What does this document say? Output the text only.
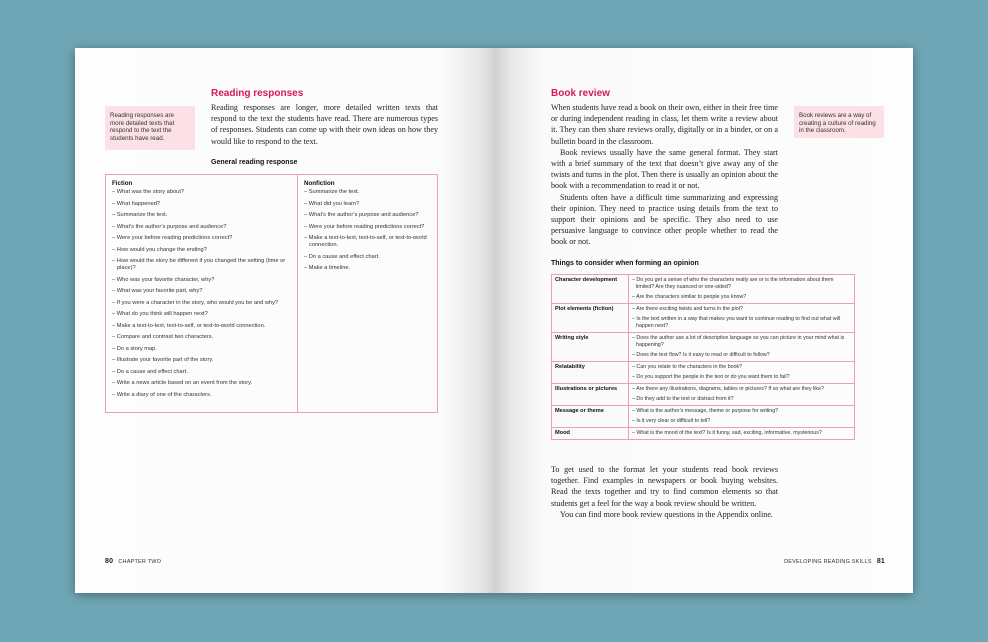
Reading responses are more detailed texts that respond to the text the students have read.
Reading responses
Reading responses are longer, more detailed written texts that respond to the text the students have read. There are numerous types of responses. Students can come up with their own ideas on how they would like to respond to the text.
General reading response
Fiction
– What was the story about?
– What happened?
– Summarize the text.
– What’s the author’s purpose and audience?
– Were your before reading predictions correct?
– How would you change the ending?
– How would the story be different if you changed the setting (time or place)?
– Who was your favorite character, why?
– What was your favorite part, why?
– If you were a character in the story, who would you be and why?
– What do you think will happen next?
– Make a text-to-text, text-to-self, or text-to-world connection.
– Compare and contrast two characters.
– Do a story map.
– Illustrate your favorite part of the story.
– Do a cause and effect chart.
– Write a news article based on an event from the story.
– Write a diary of one of the characters.
Nonfiction
– Summarize the text.
– What did you learn?
– What’s the author’s purpose and audience?
– Were your before reading predictions correct?
– Make a text-to-text, text-to-self, or text-to-world connection.
– Do a cause and effect chart.
– Make a timeline.
80 CHAPTER TWO
Book review
Book reviews are a way of creating a culture of reading in the classroom.

When students have read a book on their own, either in their free time or during independent reading in class, let them write a review about it. They can then share reviews orally, digitally or in a binder, or on a bulletin board in the classroom.

Book reviews usually have the same general format. They start with a brief summary of the text that doesn’t give away any of the twists and turns in the plot. Then there is usually an opinion about the book with a recommendation to read it or not.

Students often have a difficult time summarizing and expressing their opinion. They need to practice using details from the text to support their opinions and be specific. They also need to use persuasive language to convince other people whether to read the book or not.

Things to consider when forming an opinion
Character development	– Do you get a sense of who the characters really are or is the information about them limited? Are they nuanced or one-sided?
– Are the characters similar to people you know?

Plot elements (fiction)	– Are there exciting twists and turns in the plot?
– Is the text written in a way that makes you want to continue reading to find out what will happen next?

Writing style	– Does the author use a lot of descriptive language so you can picture in your mind what is happening?
– Does the text flow? Is it easy to read or difficult to follow?

Relatability	– Can you relate to the characters in the book?
– Do you support the people in the text or do you want them to fail?

Illustrations or pictures	– Are there any illustrations, diagrams, tables or pictures? If so what are they like?
– Do they add to the text or distract from it?

Message or theme	– What is the author’s message, theme or purpose for writing?
– Is it very clear or difficult to tell?

Mood	– What is the mood of the text? Is it funny, sad, exciting, informative, mysterious?

To get used to the format let your students read book reviews together. Find examples in newspapers or book buying websites. Read the texts together and try to find common elements so that students get a feel for the way a book review should be written.

You can find more book review questions in the Appendix online.

DEVELOPING READING SKILLS 81
